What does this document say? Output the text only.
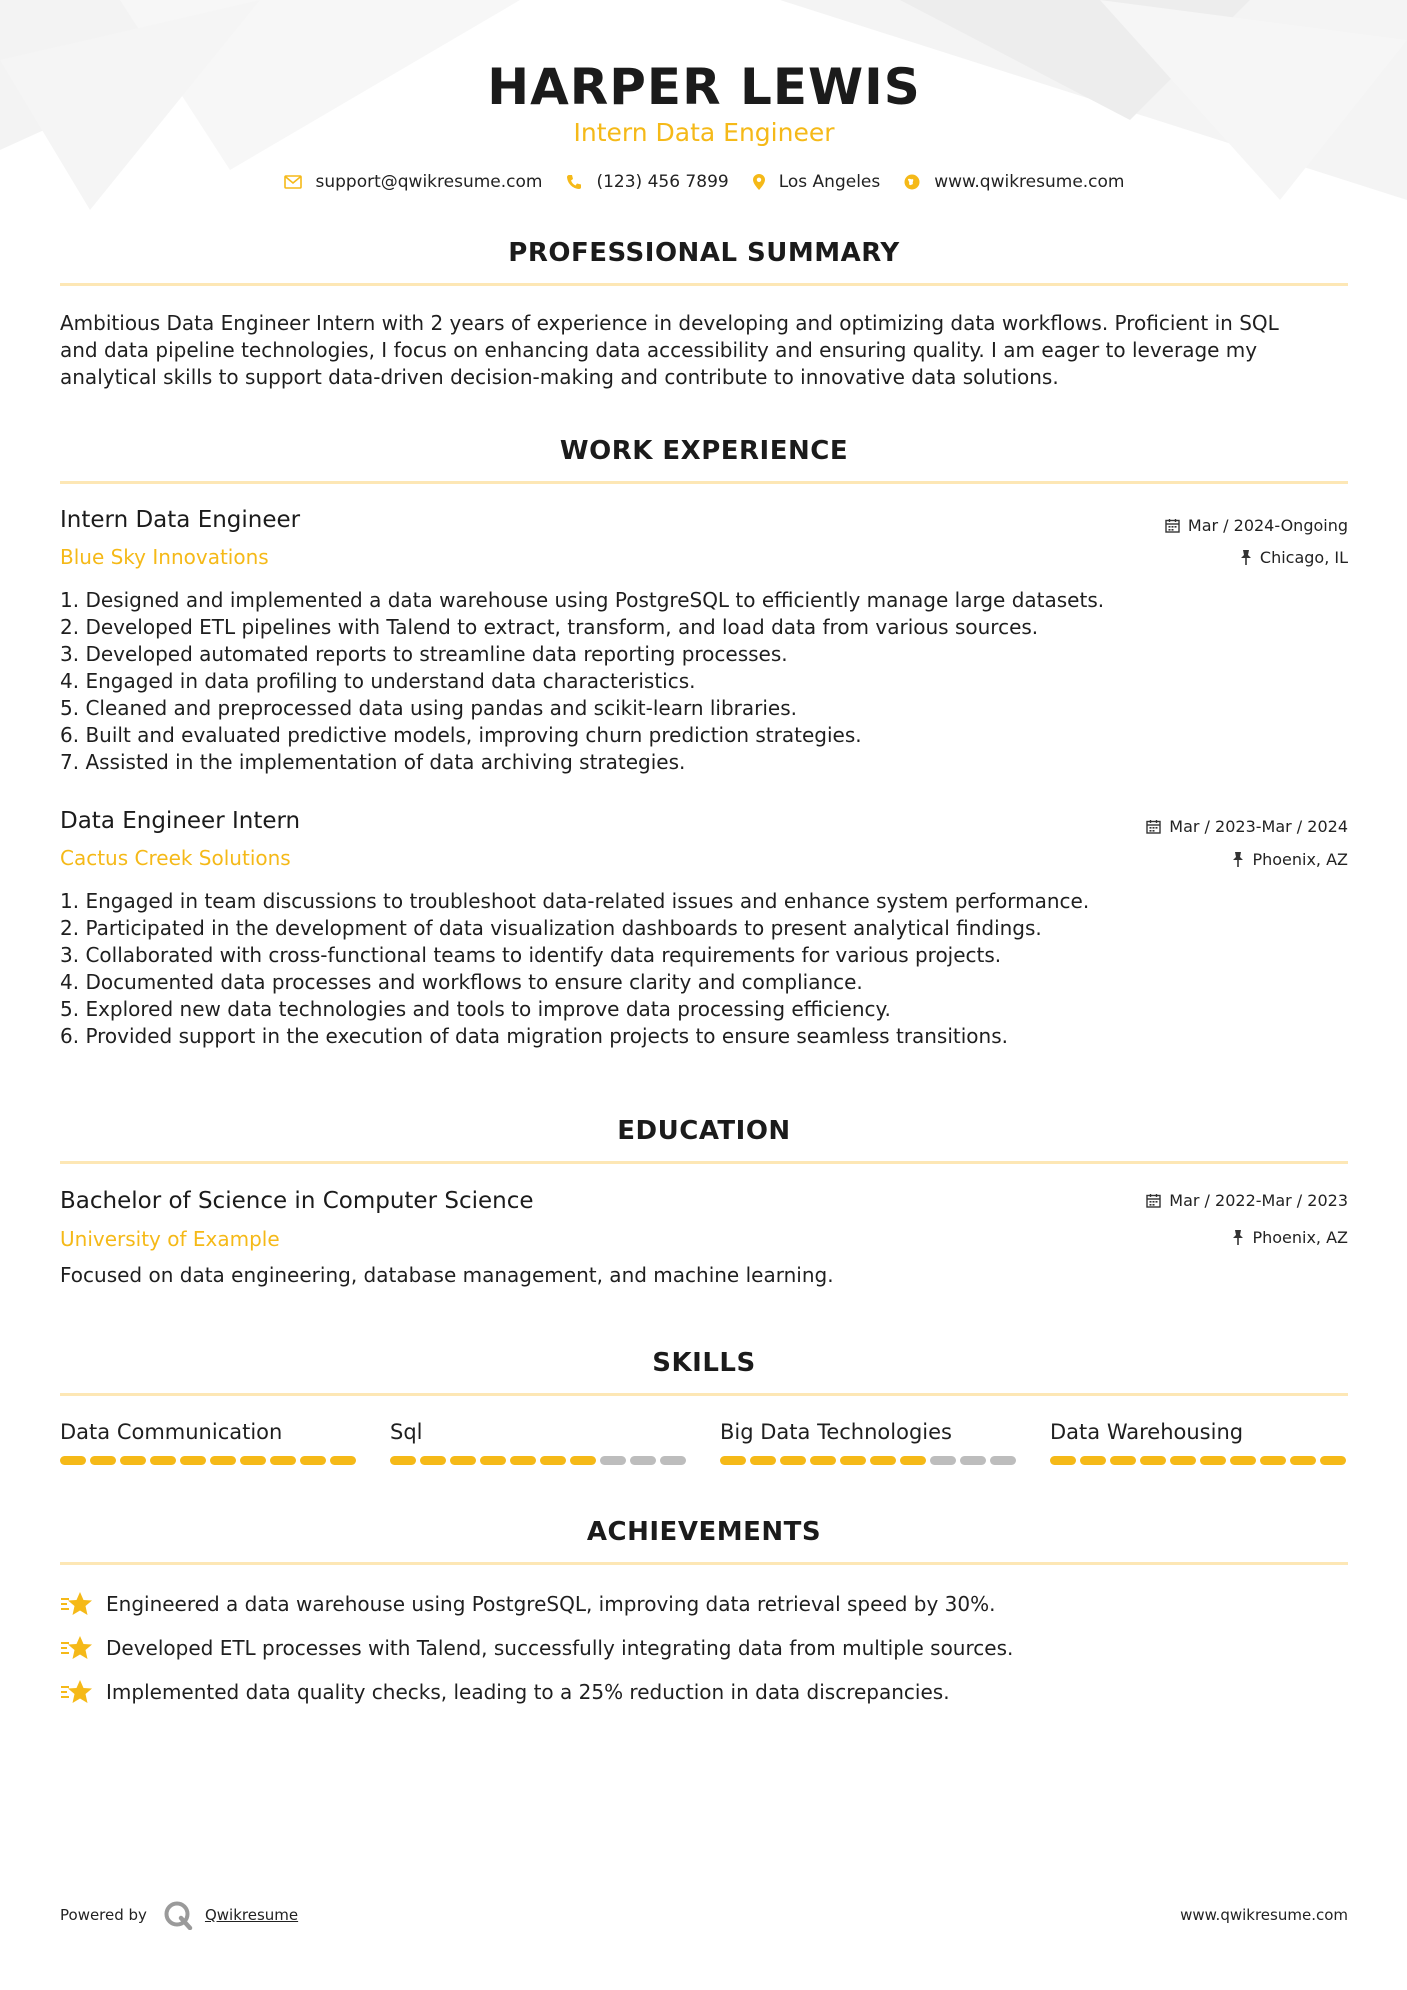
HARPER LEWIS
Intern Data Engineer
support@qwikresume.com	(123) 456 7899	Los Angeles	www.qwikresume.com
PROFESSIONAL SUMMARY
Ambitious Data Engineer Intern with 2 years of experience in developing and optimizing data workflows. Proficient in SQL
and data pipeline technologies, I focus on enhancing data accessibility and ensuring quality. I am eager to leverage my
analytical skills to support data-driven decision-making and contribute to innovative data solutions.
WORK EXPERIENCE
Intern Data Engineer
Blue Sky Innovations
Mar / 2024-Ongoing
Chicago, IL
1. Designed and implemented a data warehouse using PostgreSQL to efficiently manage large datasets.
2. Developed ETL pipelines with Talend to extract, transform, and load data from various sources.
3. Developed automated reports to streamline data reporting processes.
4. Engaged in data profiling to understand data characteristics.
5. Cleaned and preprocessed data using pandas and scikit-learn libraries.
6. Built and evaluated predictive models, improving churn prediction strategies.
7. Assisted in the implementation of data archiving strategies.
Data Engineer Intern
Cactus Creek Solutions
Mar / 2023-Mar / 2024
Phoenix, AZ
1. Engaged in team discussions to troubleshoot data-related issues and enhance system performance.
2. Participated in the development of data visualization dashboards to present analytical findings.
3. Collaborated with cross-functional teams to identify data requirements for various projects.
4. Documented data processes and workflows to ensure clarity and compliance.
5. Explored new data technologies and tools to improve data processing efficiency.
6. Provided support in the execution of data migration projects to ensure seamless transitions.
EDUCATION
Bachelor of Science in Computer Science
University of Example
Mar / 2022-Mar / 2023
Phoenix, AZ
Focused on data engineering, database management, and machine learning.
SKILLS
Data Communication	Sql	Big Data Technologies	Data Warehousing
ACHIEVEMENTS
Engineered a data warehouse using PostgreSQL, improving data retrieval speed by 30%.
Developed ETL processes with Talend, successfully integrating data from multiple sources.
Implemented data quality checks, leading to a 25% reduction in data discrepancies.
Powered by	Qwikresume	www.qwikresume.com
